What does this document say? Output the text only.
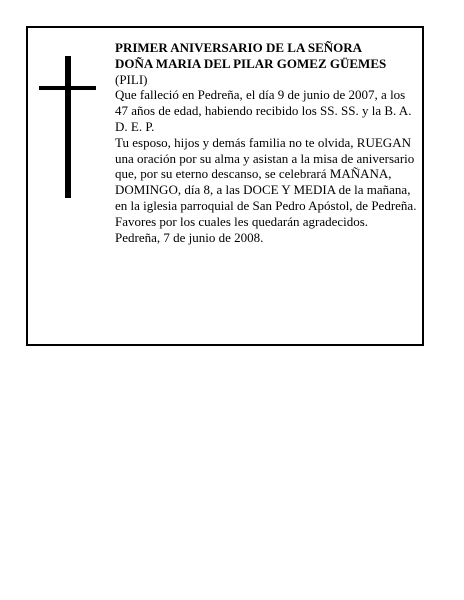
PRIMER ANIVERSARIO DE LA SEÑORA

DOÑA MARIA DEL PILAR GOMEZ GÜEMES

(PILI)

Que falleció en Pedreña, el día 9 de junio de 2007, a los 47 años de edad, habiendo recibido los SS. SS. y la B. A.

D. E. P.

Tu esposo, hijos y demás familia no te olvida, RUEGAN una oración por su alma y asistan a la misa de aniversario que, por su eterno descanso, se celebrará MAÑANA, DOMINGO, día 8, a las DOCE Y MEDIA de la mañana, en la iglesia parroquial de San Pedro Apóstol, de Pedreña. Favores por los cuales les quedarán agradecidos.

Pedreña, 7 de junio de 2008.
